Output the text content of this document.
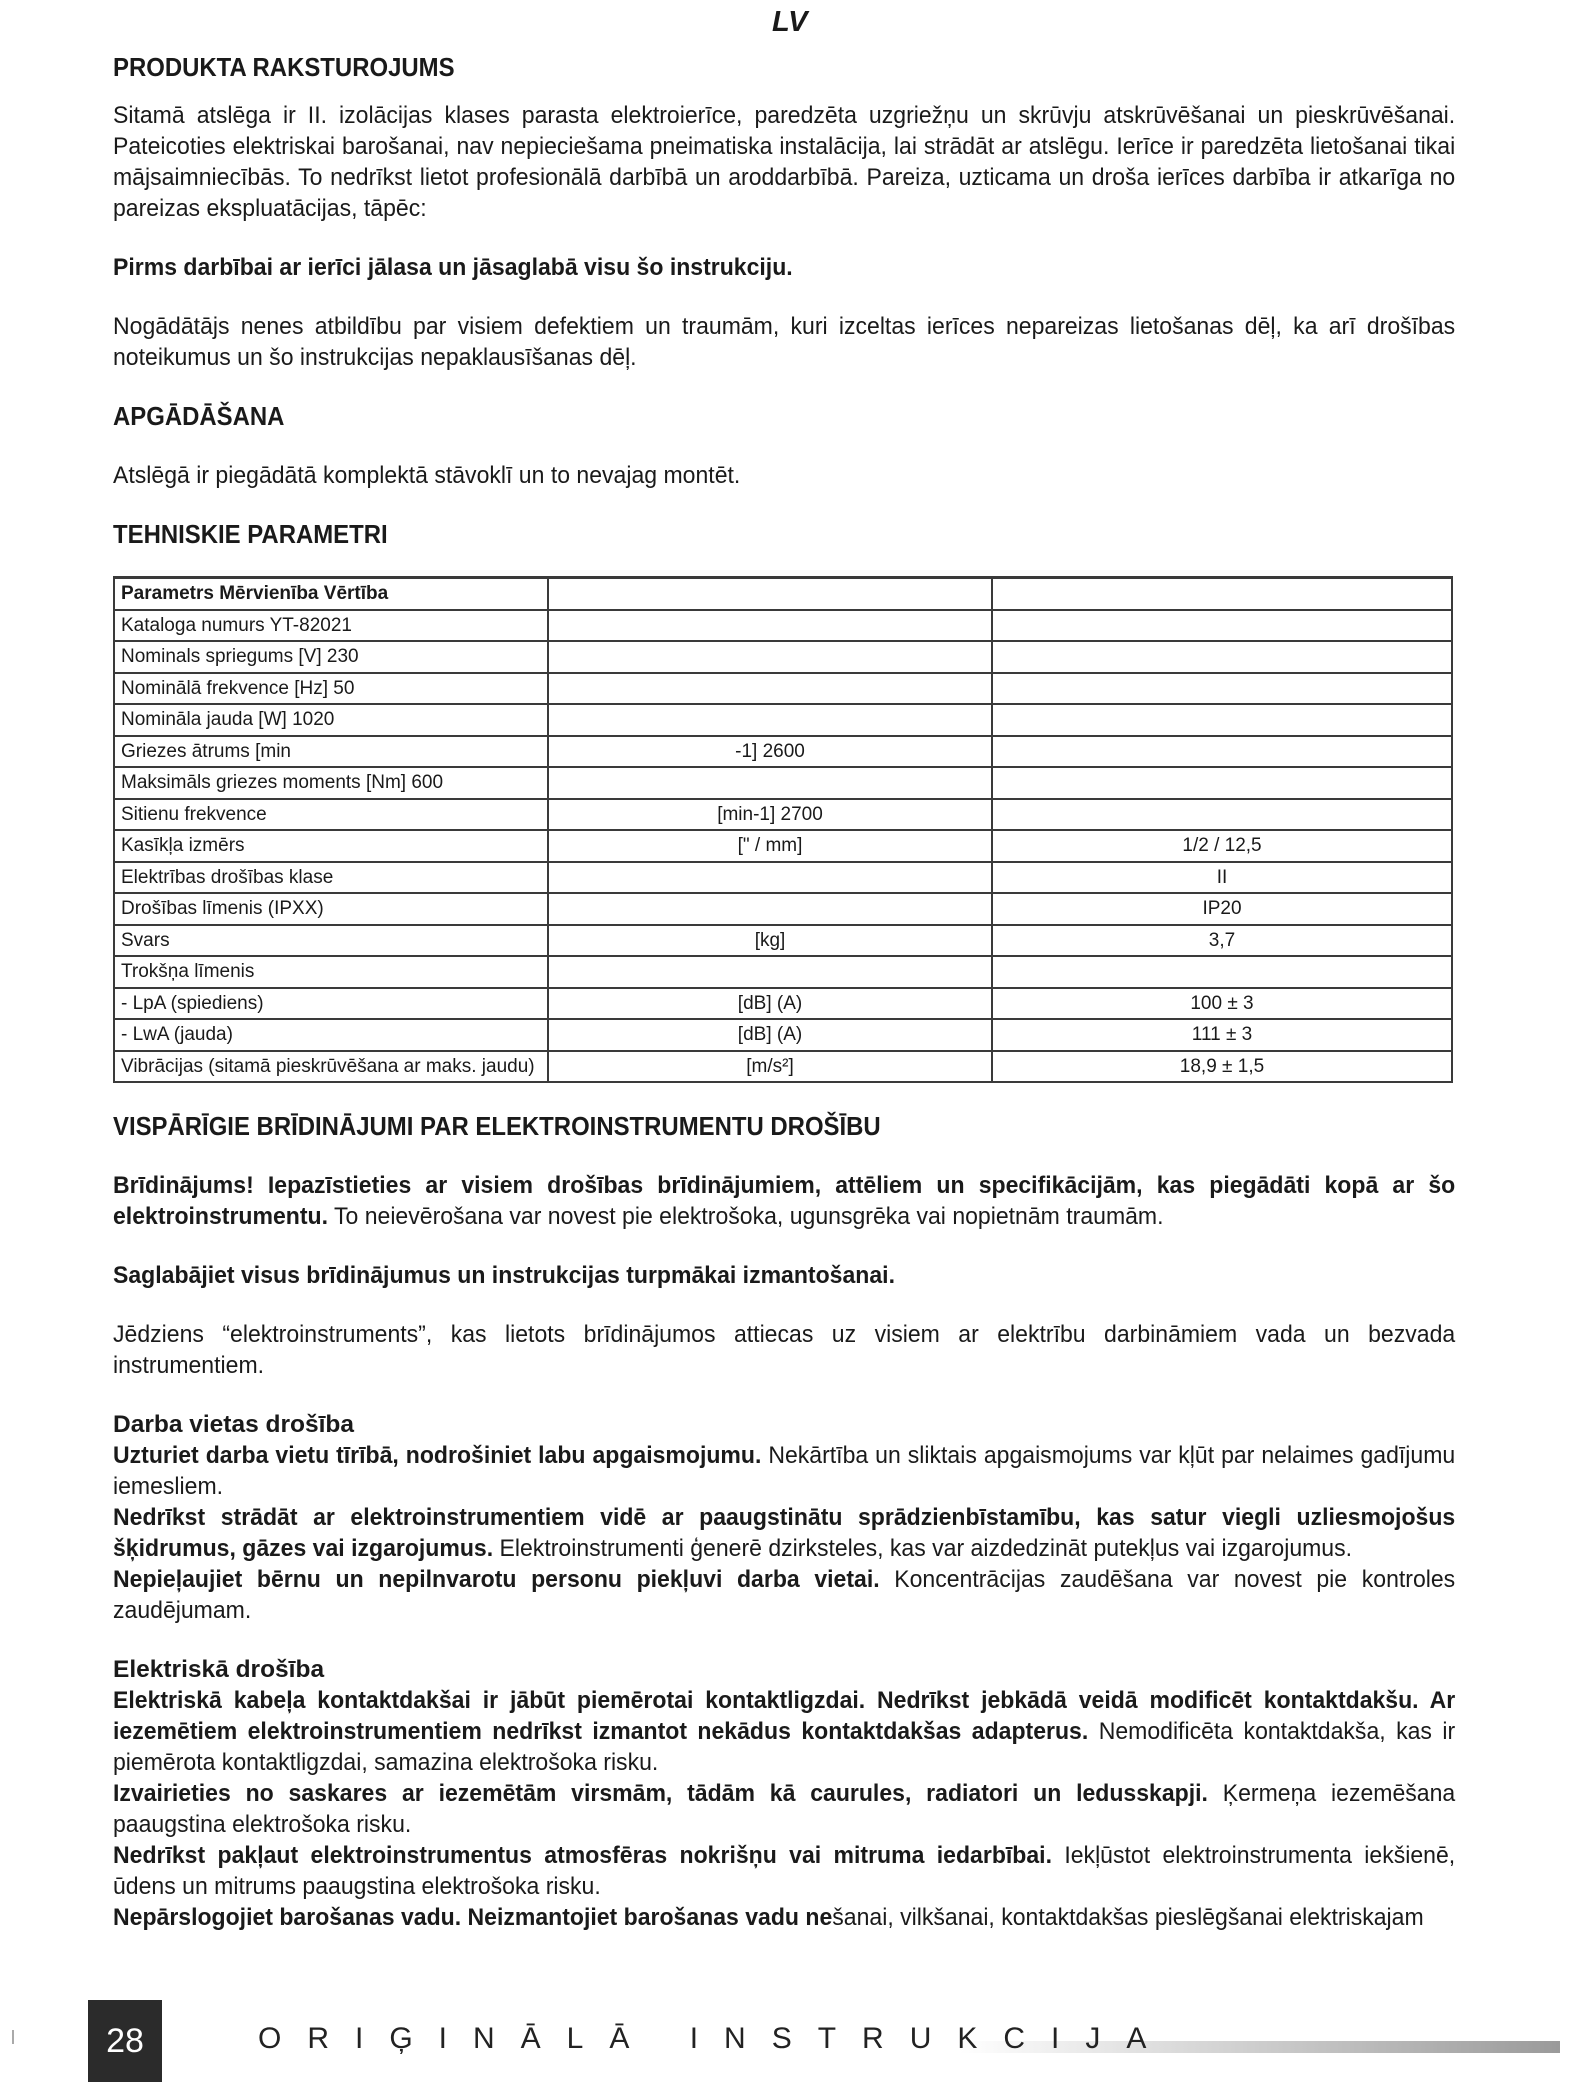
LV
PRODUKTA RAKSTUROJUMS

Sitamā atslēga ir II. izolācijas klases parasta elektroierīce, paredzēta uzgriežņu un skrūvju atskrūvēšanai un pieskrūvēšanai. Pateicoties elektriskai barošanai, nav nepieciešama pneimatiska instalācija, lai strādāt ar atslēgu. Ierīce ir paredzēta lietošanai tikai mājsaimniecībās. To nedrīkst lietot profesionālā darbībā un aroddarbībā. Pareiza, uzticama un droša ierīces darbība ir atkarīga no pareizas ekspluatācijas, tāpēc:

Pirms darbībai ar ierīci jālasa un jāsaglabā visu šo instrukciju.

Nogādātājs nenes atbildību par visiem defektiem un traumām, kuri izceltas ierīces nepareizas lietošanas dēļ, ka arī drošības noteikumus un šo instrukcijas nepaklausīšanas dēļ.

APGĀDĀŠANA

Atslēgā ir piegādātā komplektā stāvoklī un to nevajag montēt.

TEHNISKIE PARAMETRI
Parametrs Mērvienība Vērtība		
Kataloga numurs YT-82021		
Nominals spriegums [V] 230		
Nominālā frekvence [Hz] 50		
Nomināla jauda [W] 1020		
Griezes ātrums [min	-1] 2600	
Maksimāls griezes moments [Nm] 600		
Sitienu frekvence	[min-1] 2700	
Kasīkļa izmērs	[" / mm]	1/2 / 12,5
Elektrības drošības klase		II
Drošības līmenis (IPXX)		IP20
Svars	[kg]	3,7
Trokšņa līmenis		
- LpA (spiediens)	[dB] (A)	100 ± 3
- LwA (jauda)	[dB] (A)	111 ± 3
Vibrācijas (sitamā pieskrūvēšana ar maks. jaudu)	[m/s²]	18,9 ± 1,5
VISPĀRĪGIE BRĪDINĀJUMI PAR ELEKTROINSTRUMENTU DROŠĪBU

Brīdinājums! Iepazīstieties ar visiem drošības brīdinājumiem, attēliem un specifikācijām, kas piegādāti kopā ar šo elektroinstrumentu. To neievērošana var novest pie elektrošoka, ugunsgrēka vai nopietnām traumām.

Saglabājiet visus brīdinājumus un instrukcijas turpmākai izmantošanai.

Jēdziens “elektroinstruments”, kas lietots brīdinājumos attiecas uz visiem ar elektrību darbināmiem vada un bezvada instrumentiem.

Darba vietas drošība

Uzturiet darba vietu tīrībā, nodrošiniet labu apgaismojumu. Nekārtība un sliktais apgaismojums var kļūt par nelaimes gadījumu iemesliem.

Nedrīkst strādāt ar elektroinstrumentiem vidē ar paaugstinātu sprādzienbīstamību, kas satur viegli uzliesmojošus šķidrumus, gāzes vai izgarojumus. Elektroinstrumenti ģenerē dzirksteles, kas var aizdedzināt putekļus vai izgarojumus.

Nepieļaujiet bērnu un nepilnvarotu personu piekļuvi darba vietai. Koncentrācijas zaudēšana var novest pie kontroles zaudējumam.

Elektriskā drošība

Elektriskā kabeļa kontaktdakšai ir jābūt piemērotai kontaktligzdai. Nedrīkst jebkādā veidā modificēt kontaktdakšu. Ar iezemētiem elektroinstrumentiem nedrīkst izmantot nekādus kontaktdakšas adapterus. Nemodificēta kontaktdakša, kas ir piemērota kontaktligzdai, samazina elektrošoka risku.

Izvairieties no saskares ar iezemētām virsmām, tādām kā caurules, radiatori un ledusskapji. Ķermeņa iezemēšana paaugstina elektrošoka risku.

Nedrīkst pakļaut elektroinstrumentus atmosfēras nokrišņu vai mitruma iedarbībai. Iekļūstot elektroinstrumenta iekšienē, ūdens un mitrums paaugstina elektrošoka risku.

Nepārslogojiet barošanas vadu. Neizmantojiet barošanas vadu nešanai, vilkšanai, kontaktdakšas pieslēgšanai elektriskajam

28	ORIĢINĀLĀ INSTRUKCIJA
